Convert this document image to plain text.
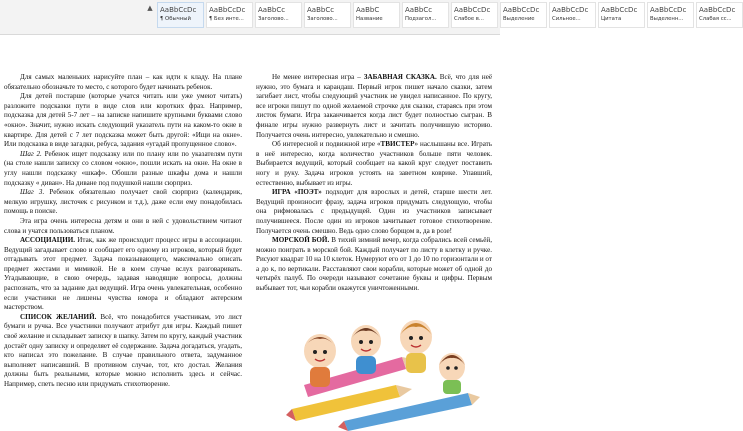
▲	AaBbCcDc
¶ Обычный
AaBbCcDc
¶ Без инте...
AaBbCc
Заголово...
AaBbCc
Заголово...
AaBbC
Название
AaBbCc
Подзагол...
AaBbCcDc
Слабое в...
AaBbCcDc
Выделение
AaBbCcDc
Сильное...
AaBbCcDc
Цитата
AaBbCcDc
Выделенн...
AaBbCcDc
Слабая сс...

Для самых маленьких нарисуйте план – как идти к кладу. На плане обязательно обозначьте то место, с которого будет начинать ребенок.

Для детей постарше (которые учатся читать или уже умеют читать) разложите подсказки пути в виде слов или коротких фраз. Например, подсказка для детей 5-7 лет – на записке напишите крупными буквами слово «окно». Значит, нужно искать следующий указатель пути на каком-то окне в квартире. Для детей с 7 лет подсказка может быть другой: «Ищи на окне». Или подсказка в виде загадки, ребуса, задания «угадай пропущенное слово».

Шаг 2. Ребенок ищет подсказку или по плану или по указателям пути (на столе нашли записку со словом «окно», пошли искать на окне. На окне в углу нашли подсказку «шкаф». Обошли разные шкафы дома и нашли подсказку « диван». На диване под подушкой нашли сюрприз.

Шаг 3. Ребенок обязательно получает свой сюрприз (календарик, мелкую игрушку, листочек с рисунком и т.д.), даже если ему понадобилась помощь в поиске.

Эта игра очень интересна детям и они в ней с удовольствием читают слова и учатся пользоваться планом.

АССОЦИАЦИИ. Итак, как же происходит процесс игры в ассоциации. Ведущий загадывает слово и сообщает его одному из игроков, который будет отгадывать этот предмет. Задача показывающего, максимально описать предмет жестами и мимикой. Не в коем случае вслух разговаривать. Угадывающие, в свою очередь, задавая наводящие вопросы, должны распознать, что за задание дал ведущий. Игра очень увлекательная, особенно если участники не лишены чувства юмора и обладают актерским мастерством.

СПИСОК ЖЕЛАНИЙ. Всё, что понадобится участникам, это лист бумаги и ручка. Все участники получают атрибут для игры. Каждый пишет своё желание и складывает записку в шапку. Затем по кругу, каждый участник достаёт одну записку и определяет её содержание. Задача догадаться, угадать, кто написал это пожелание. В случае правильного ответа, задуманное выполняет написавший. В противном случае, тот, кто достал. Желания должны быть реальными, которые можно исполнить здесь и сейчас. Например, спеть песню или придумать стихотворение.

Не менее интересная игра – ЗАБАВНАЯ СКАЗКА. Всё, что для неё нужно, это бумага и карандаш. Первый игрок пишет начало сказки, затем загибает лист, чтобы следующий участник не увидел написанное. По кругу, все игроки пишут по одной желаемой строчке для сказки, стараясь при этом листок бумаги. Игра заканчивается когда лист будет полностью сыгран. В финале игры нужно развернуть лист и зачитать получившую историю. Получается очень интересно, увлекательно и смешно.

Об интересной и подвижной игре «ТВИСТЕР» наслышаны все. Играть в неё интересно, когда количество участников больше пяти человек. Выбирается ведущий, который сообщает на какой круг следует поставить ногу и руку. Задача игроков устоять на заветном коврике. Упавший, естественно, выбывает из игры.

ИГРА «ПОЭТ» подходит для взрослых и детей, старше шести лет. Ведущий произносит фразу, задача игроков придумать следующую, чтобы она рифмовалась с предыдущей. Один из участников записывает получившееся. После один из игроков зачитывает готовое стихотворение. Получается очень смешно. Ведь одно слово борщом в, да в розе!

МОРСКОЙ БОЙ. В тихий зимний вечер, когда собрались всей семьёй, можно поиграть в морской бой. Каждый получает по листу в клетку и ручке. Рисуют квадрат 10 на 10 клеток. Нумеруют его от 1 до 10 по горизонтали и от а до к, по вертикали. Расставляют свои корабли, которые может об одной до четырёх палуб. По очереди называют сочетание буквы и цифры. Первым выбывает тот, чьи корабли окажутся уничтоженными.
